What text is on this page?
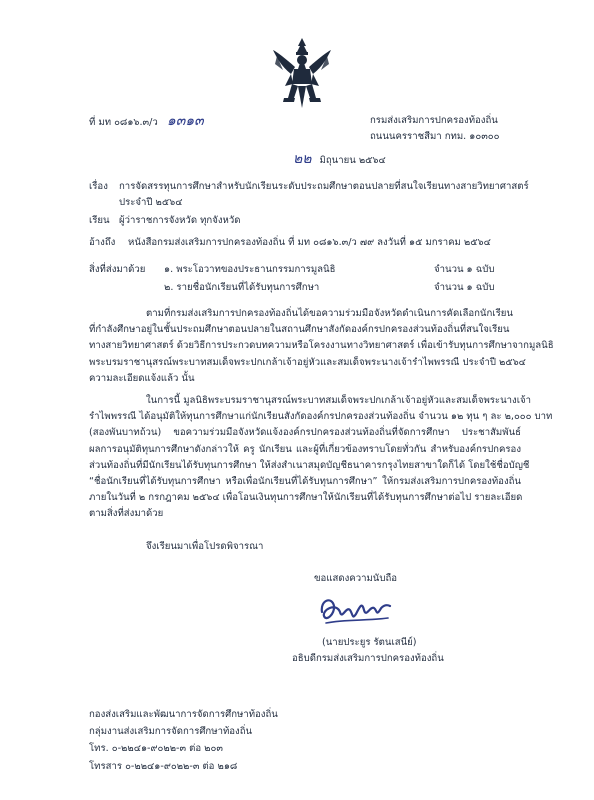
ที่ มท ๐๘๑๖.๓/ว ๑๓๑๓	กรมส่งเสริมการปกครองท้องถิ่น
ถนนนครราชสีมา กทม. ๑๐๓๐๐
๒๒ มิถุนายน ๒๕๖๔
เรื่อง การจัดสรรทุนการศึกษาสำหรับนักเรียนระดับประถมศึกษาตอนปลายที่สนใจเรียนทางสายวิทยาศาสตร์
ประจำปี ๒๕๖๔
เรียน ผู้ว่าราชการจังหวัด ทุกจังหวัด
อ้างถึง หนังสือกรมส่งเสริมการปกครองท้องถิ่น ที่ มท ๐๘๑๖.๓/ว ๗๙ ลงวันที่ ๑๕ มกราคม ๒๕๖๔
สิ่งที่ส่งมาด้วย ๑. พระโอวาทของประธานกรรมการมูลนิธิ	จำนวน ๑ ฉบับ
๒. รายชื่อนักเรียนที่ได้รับทุนการศึกษา	จำนวน ๑ ฉบับ
ตามที่กรมส่งเสริมการปกครองท้องถิ่นได้ขอความร่วมมือจังหวัดดำเนินการคัดเลือกนักเรียน
ที่กำลังศึกษาอยู่ในชั้นประถมศึกษาตอนปลายในสถานศึกษาสังกัดองค์กรปกครองส่วนท้องถิ่นที่สนใจเรียน
ทางสายวิทยาศาสตร์ ด้วยวิธีการประกวดบทความหรือโครงงานทางวิทยาศาสตร์ เพื่อเข้ารับทุนการศึกษาจากมูลนิธิ
พระบรมราชานุสรณ์พระบาทสมเด็จพระปกเกล้าเจ้าอยู่หัวและสมเด็จพระนางเจ้ารำไพพรรณี ประจำปี ๒๕๖๔
ความละเอียดแจ้งแล้ว นั้น
ในการนี้ มูลนิธิพระบรมราชานุสรณ์พระบาทสมเด็จพระปกเกล้าเจ้าอยู่หัวและสมเด็จพระนางเจ้า
รำไพพรรณี ได้อนุมัติให้ทุนการศึกษาแก่นักเรียนสังกัดองค์กรปกครองส่วนท้องถิ่น จำนวน ๑๒ ทุน ๆ ละ ๒,๐๐๐ บาท
(สองพันบาทถ้วน) ขอความร่วมมือจังหวัดแจ้งองค์กรปกครองส่วนท้องถิ่นที่จัดการศึกษา ประชาสัมพันธ์
ผลการอนุมัติทุนการศึกษาดังกล่าวให้ ครู นักเรียน และผู้ที่เกี่ยวข้องทราบโดยทั่วกัน สำหรับองค์กรปกครอง
ส่วนท้องถิ่นที่มีนักเรียนได้รับทุนการศึกษา ให้ส่งสำเนาสมุดบัญชีธนาคารกรุงไทยสาขาใดก็ได้ โดยใช้ชื่อบัญชี
“ชื่อนักเรียนที่ได้รับทุนการศึกษา หรือเพื่อนักเรียนที่ได้รับทุนการศึกษา” ให้กรมส่งเสริมการปกครองท้องถิ่น
ภายในวันที่ ๒ กรกฎาคม ๒๕๖๔ เพื่อโอนเงินทุนการศึกษาให้นักเรียนที่ได้รับทุนการศึกษาต่อไป รายละเอียด
ตามสิ่งที่ส่งมาด้วย
จึงเรียนมาเพื่อโปรดพิจารณา
ขอแสดงความนับถือ
(นายประยูร รัตนเสนีย์)
อธิบดีกรมส่งเสริมการปกครองท้องถิ่น
กองส่งเสริมและพัฒนาการจัดการศึกษาท้องถิ่น
กลุ่มงานส่งเสริมการจัดการศึกษาท้องถิ่น
โทร. ๐-๒๒๔๑-๙๐๒๒-๓ ต่อ ๒๐๓
โทรสาร ๐-๒๒๔๑-๙๐๒๒-๓ ต่อ ๒๑๘
